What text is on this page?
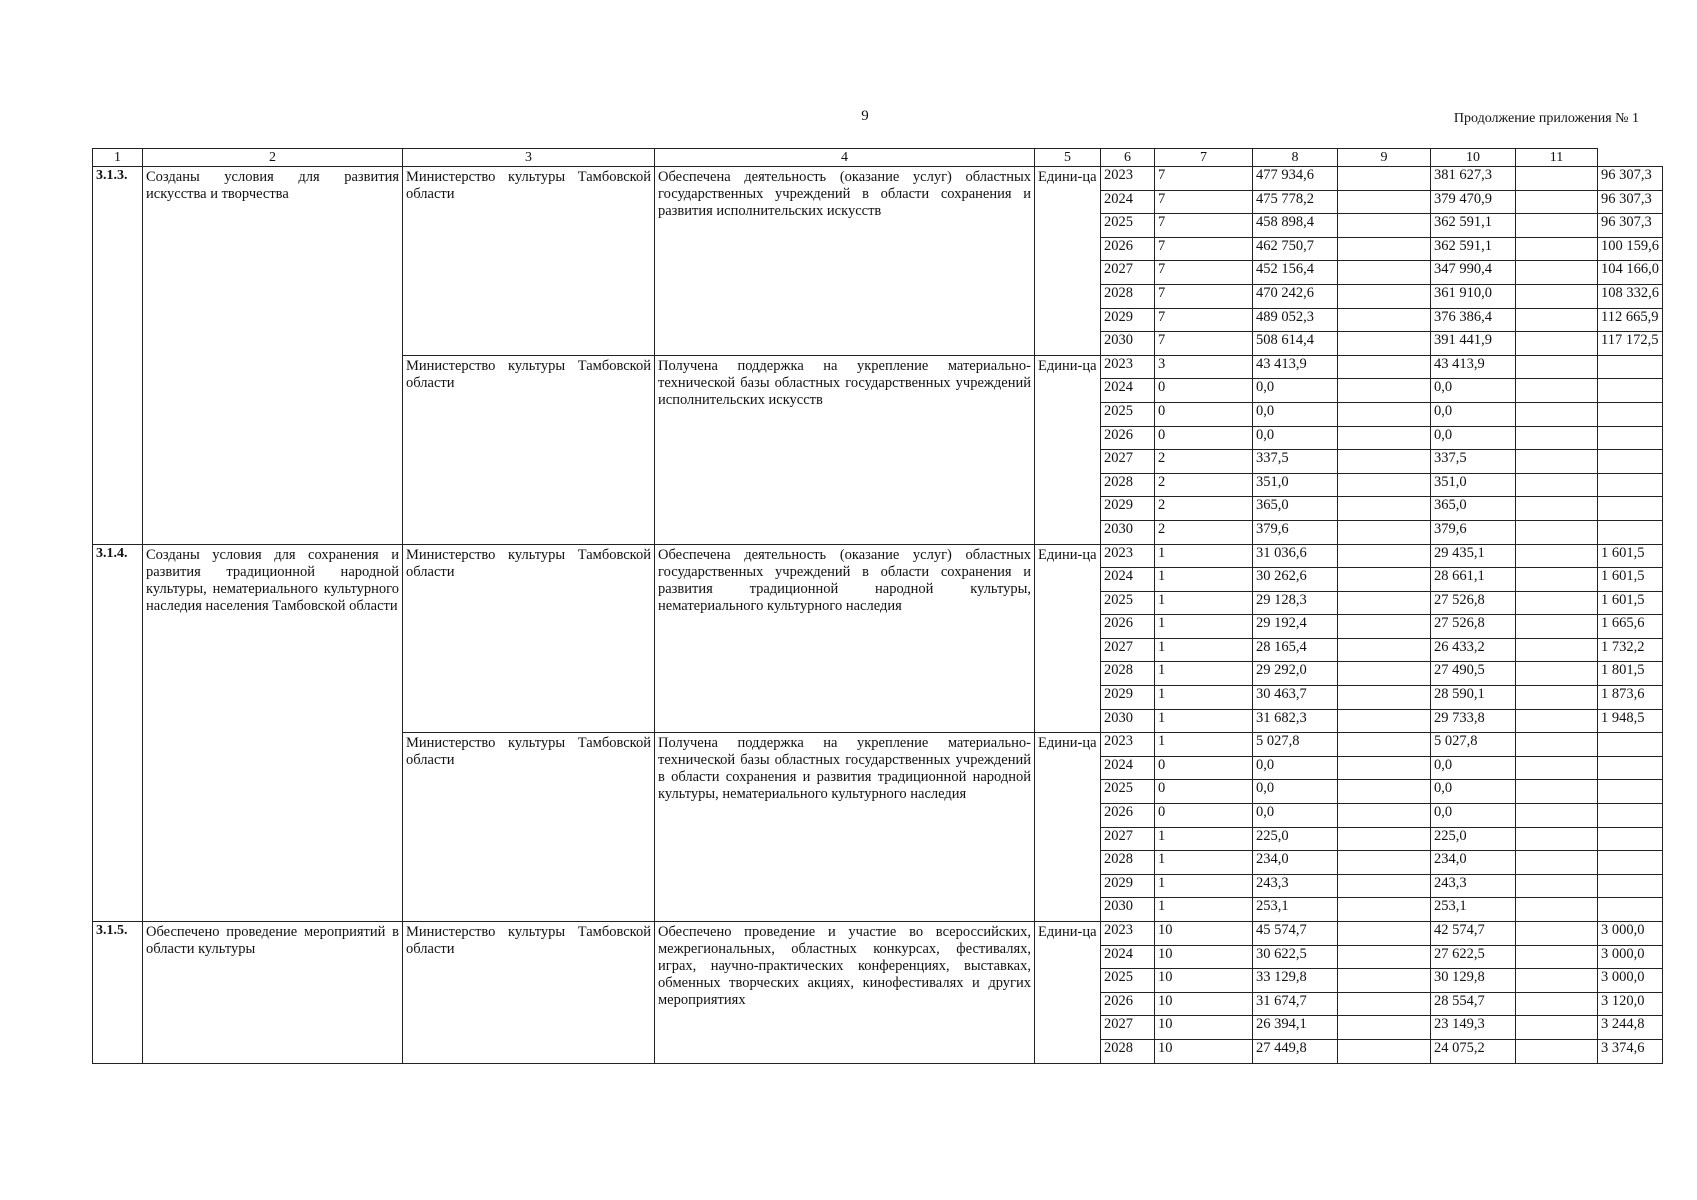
9	Продолжение приложения № 1
1	2	3	4	5	6	7	8	9	10	11	
3.1.3.	Созданы условия для развития искусства и творчества	Министерство культуры Тамбовской области	Обеспечена деятельность (оказание услуг) областных государственных учреждений в области сохранения и развития исполнительских искусств	Едини-ца	2023	7	477 934,6		381 627,3		96 307,3
					2024	7	475 778,2		379 470,9		96 307,3
					2025	7	458 898,4		362 591,1		96 307,3
					2026	7	462 750,7		362 591,1		100 159,6
					2027	7	452 156,4		347 990,4		104 166,0
					2028	7	470 242,6		361 910,0		108 332,6
					2029	7	489 052,3		376 386,4		112 665,9
					2030	7	508 614,4		391 441,9		117 172,5
		Министерство культуры Тамбовской области	Получена поддержка на укрепление материально-технической базы областных государственных учреждений исполнительских искусств	Едини-ца	2023	3	43 413,9		43 413,9		
					2024	0	0,0		0,0		
					2025	0	0,0		0,0		
					2026	0	0,0		0,0		
					2027	2	337,5		337,5		
					2028	2	351,0		351,0		
					2029	2	365,0		365,0		
					2030	2	379,6		379,6		
3.1.4.	Созданы условия для сохранения и развития традиционной народной культуры, нематериального культурного наследия населения Тамбовской области	Министерство культуры Тамбовской области	Обеспечена деятельность (оказание услуг) областных государственных учреждений в области сохранения и развития традиционной народной культуры, нематериального культурного наследия	Едини-ца	2023	1	31 036,6		29 435,1		1 601,5
					2024	1	30 262,6		28 661,1		1 601,5
					2025	1	29 128,3		27 526,8		1 601,5
					2026	1	29 192,4		27 526,8		1 665,6
					2027	1	28 165,4		26 433,2		1 732,2
					2028	1	29 292,0		27 490,5		1 801,5
					2029	1	30 463,7		28 590,1		1 873,6
					2030	1	31 682,3		29 733,8		1 948,5
		Министерство культуры Тамбовской области	Получена поддержка на укрепление материально-технической базы областных государственных учреждений в области сохранения и развития традиционной народной культуры, нематериального культурного наследия	Едини-ца	2023	1	5 027,8		5 027,8		
					2024	0	0,0		0,0		
					2025	0	0,0		0,0		
					2026	0	0,0		0,0		
					2027	1	225,0		225,0		
					2028	1	234,0		234,0		
					2029	1	243,3		243,3		
					2030	1	253,1		253,1		
3.1.5.	Обеспечено проведение мероприятий в области культуры	Министерство культуры Тамбовской области	Обеспечено проведение и участие во всероссийских, межрегиональных, областных конкурсах, фестивалях, играх, научно-практических конференциях, выставках, обменных творческих акциях, кинофестивалях и других мероприятиях	Едини-ца	2023	10	45 574,7		42 574,7		3 000,0
					2024	10	30 622,5		27 622,5		3 000,0
					2025	10	33 129,8		30 129,8		3 000,0
					2026	10	31 674,7		28 554,7		3 120,0
					2027	10	26 394,1		23 149,3		3 244,8
					2028	10	27 449,8		24 075,2		3 374,6
